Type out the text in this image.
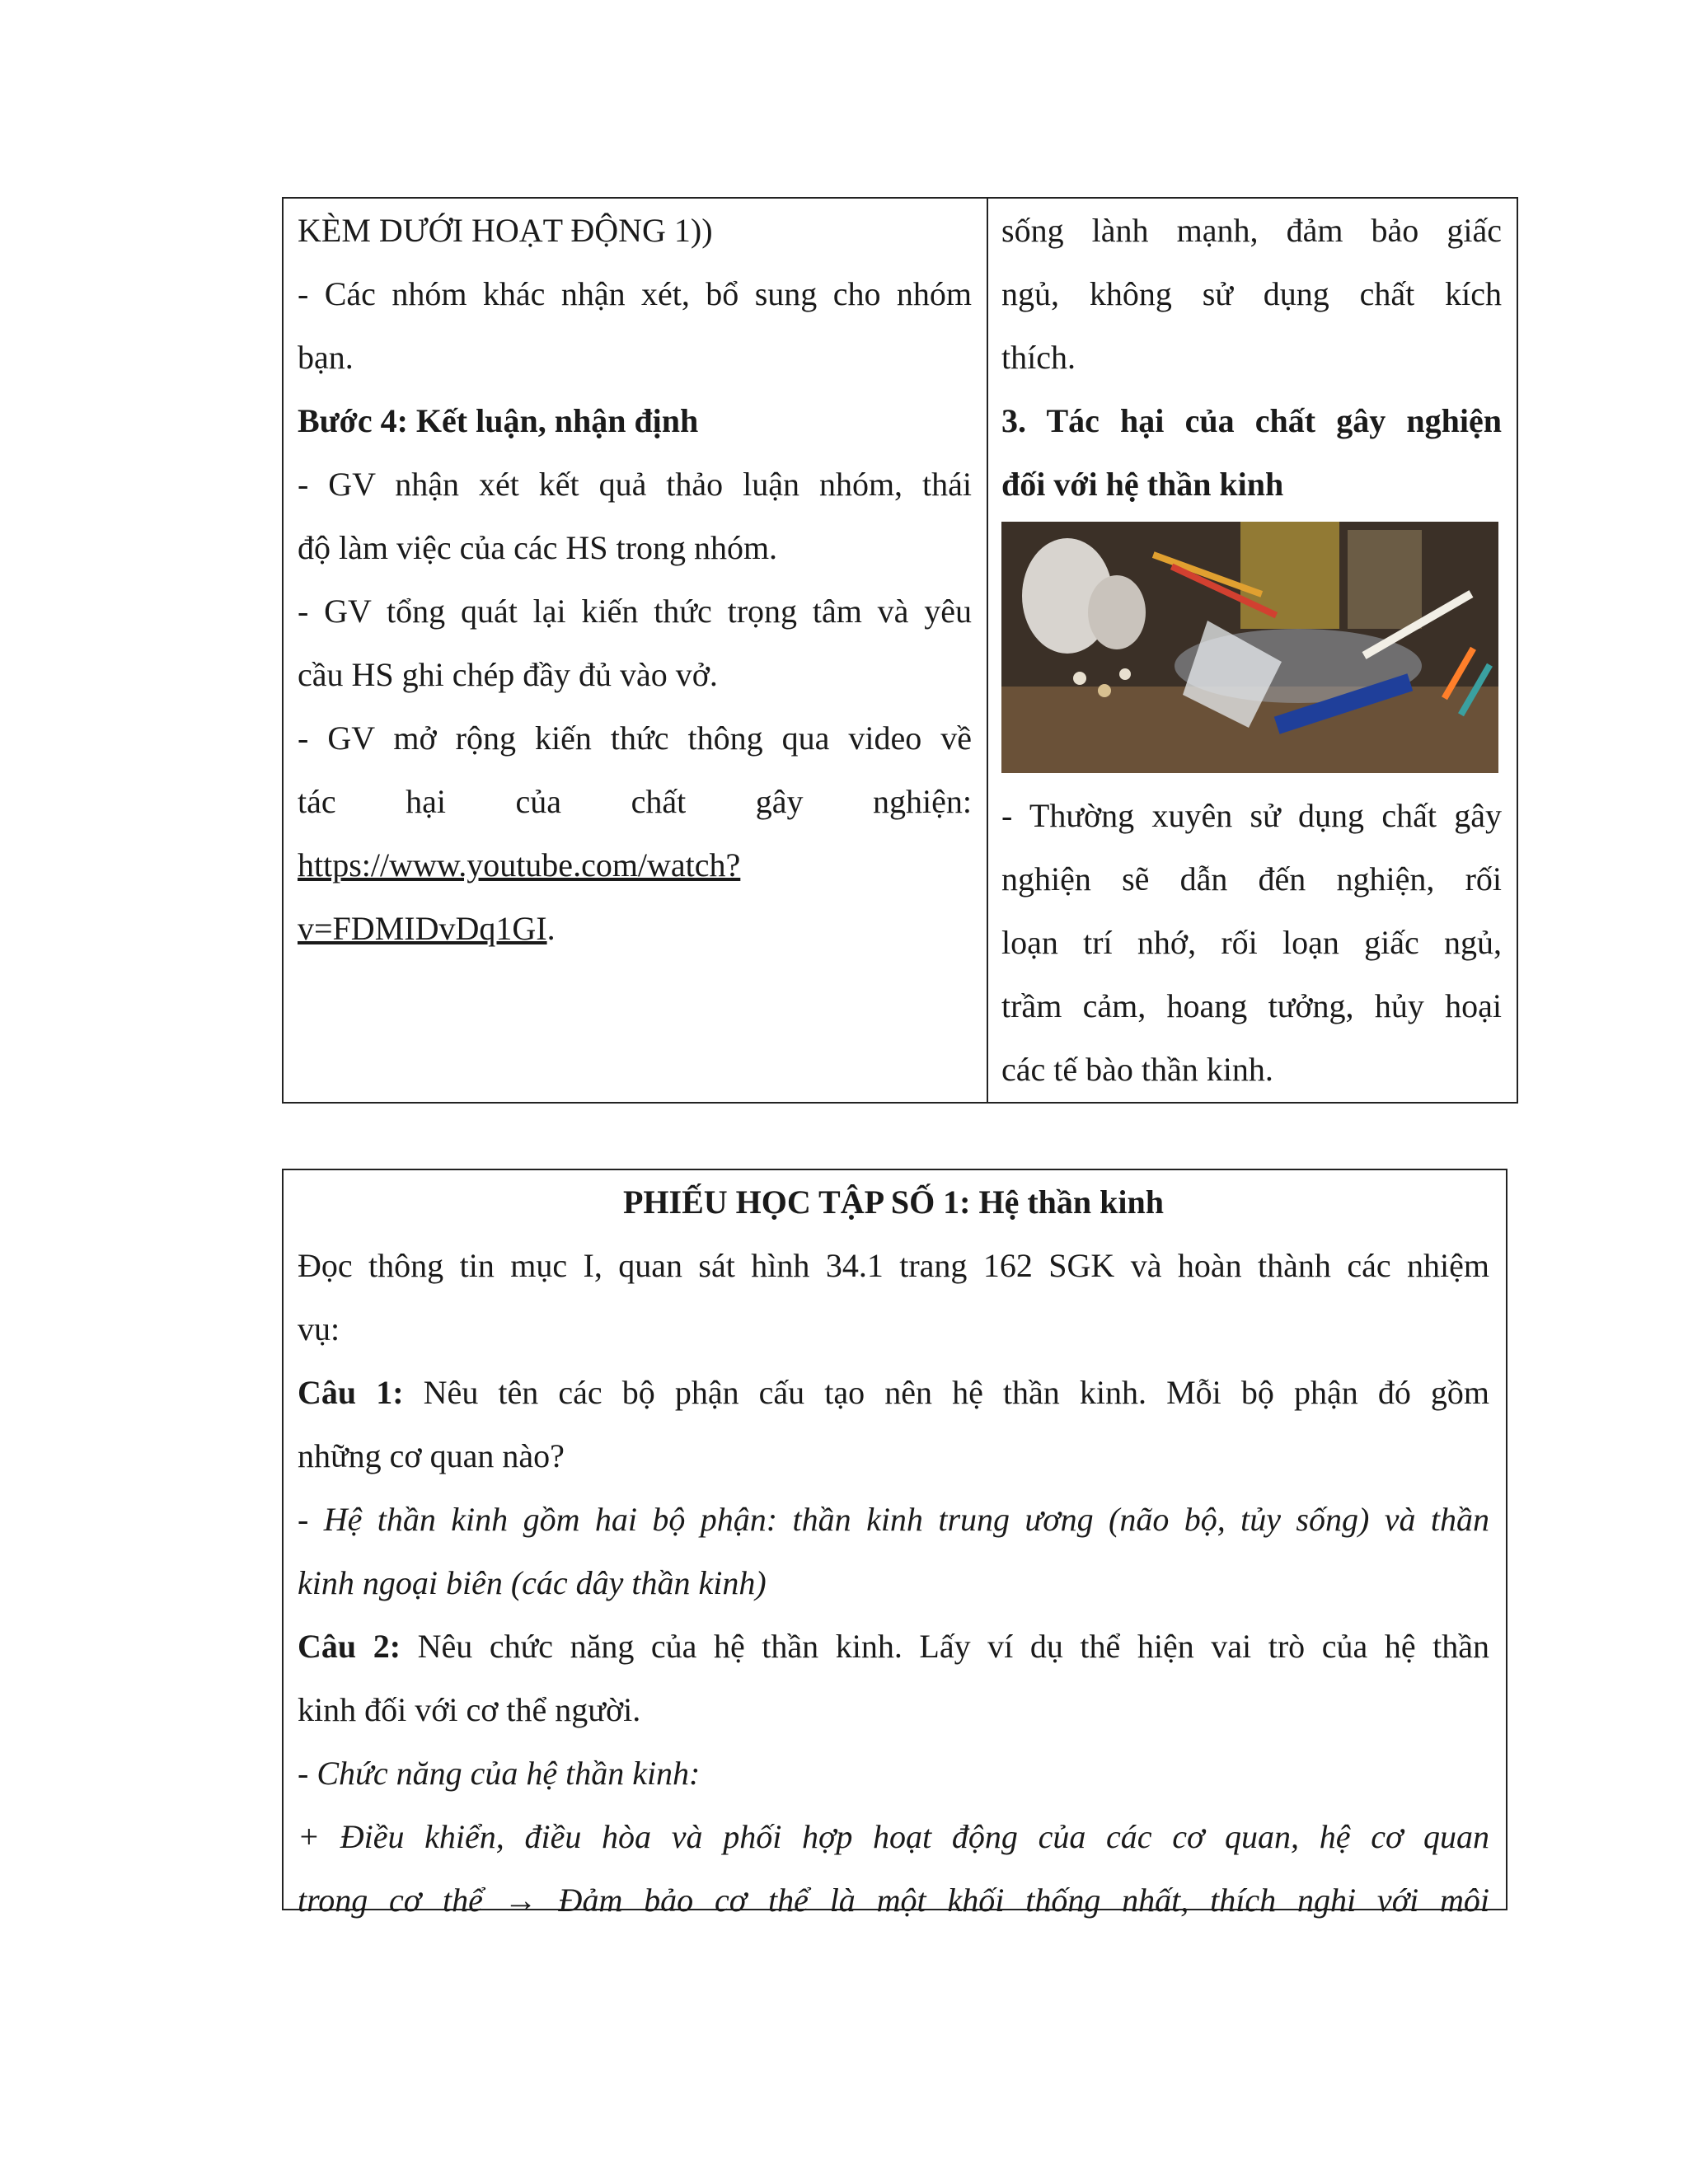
KÈM DƯỚI HOẠT ĐỘNG 1))
- Các nhóm khác nhận xét, bổ sung cho nhóm
bạn.
Bước 4: Kết luận, nhận định
- GV nhận xét kết quả thảo luận nhóm, thái
độ làm việc của các HS trong nhóm.
- GV tổng quát lại kiến thức trọng tâm và yêu
cầu HS ghi chép đầy đủ vào vở.
- GV mở rộng kiến thức thông qua video về
tác hại của chất gây nghiện:
https://www.youtube.com/watch?
v=FDMIDvDq1GI.
sống lành mạnh, đảm bảo giấc
ngủ, không sử dụng chất kích
thích.
3. Tác hại của chất gây nghiện
đối với hệ thần kinh
- Thường xuyên sử dụng chất gây
nghiện sẽ dẫn đến nghiện, rối
loạn trí nhớ, rối loạn giấc ngủ,
trầm cảm, hoang tưởng, hủy hoại
các tế bào thần kinh.
PHIẾU HỌC TẬP SỐ 1: Hệ thần kinh
Đọc thông tin mục I, quan sát hình 34.1 trang 162 SGK và hoàn thành các nhiệm
vụ:
Câu 1: Nêu tên các bộ phận cấu tạo nên hệ thần kinh. Mỗi bộ phận đó gồm
những cơ quan nào?
- Hệ thần kinh gồm hai bộ phận: thần kinh trung ương (não bộ, tủy sống) và thần
kinh ngoại biên (các dây thần kinh)
Câu 2: Nêu chức năng của hệ thần kinh. Lấy ví dụ thể hiện vai trò của hệ thần
kinh đối với cơ thể người.
- Chức năng của hệ thần kinh:
+ Điều khiển, điều hòa và phối hợp hoạt động của các cơ quan, hệ cơ quan
trong cơ thể → Đảm bảo cơ thể là một khối thống nhất, thích nghi với môi
